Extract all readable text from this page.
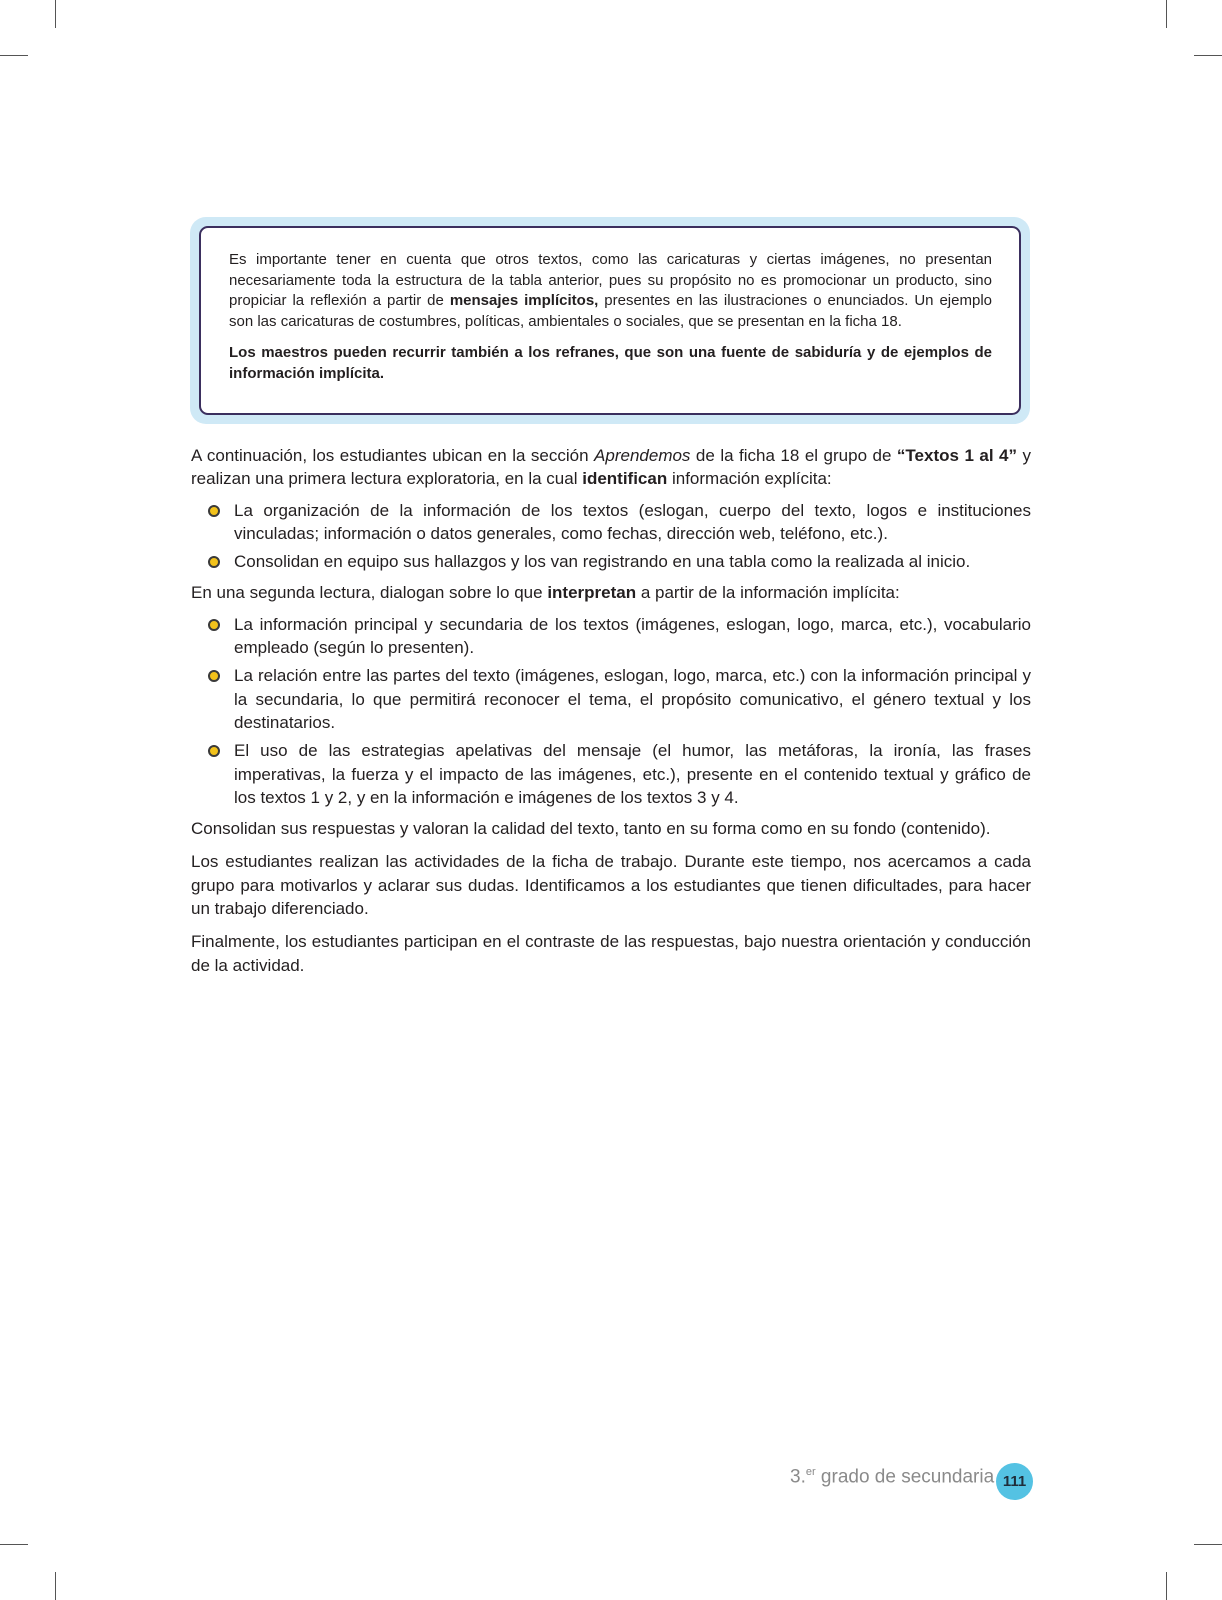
Es importante tener en cuenta que otros textos, como las caricaturas y ciertas imágenes, no presentan necesariamente toda la estructura de la tabla anterior, pues su propósito no es promocionar un producto, sino propiciar la reflexión a partir de mensajes implícitos, presentes en las ilustraciones o enunciados. Un ejemplo son las caricaturas de costumbres, políticas, ambientales o sociales, que se presentan en la ficha 18.

Los maestros pueden recurrir también a los refranes, que son una fuente de sabiduría y de ejemplos de información implícita.

A continuación, los estudiantes ubican en la sección Aprendemos de la ficha 18 el grupo de “Textos 1 al 4” y realizan una primera lectura exploratoria, en la cual identifican información explícita:

La organización de la información de los textos (eslogan, cuerpo del texto, logos e instituciones vinculadas; información o datos generales, como fechas, dirección web, teléfono, etc.).
Consolidan en equipo sus hallazgos y los van registrando en una tabla como la realizada al inicio.

En una segunda lectura, dialogan sobre lo que interpretan a partir de la información implícita:

La información principal y secundaria de los textos (imágenes, eslogan, logo, marca, etc.), vocabulario empleado (según lo presenten).
La relación entre las partes del texto (imágenes, eslogan, logo, marca, etc.) con la información principal y la secundaria, lo que permitirá reconocer el tema, el propósito comunicativo, el género textual y los destinatarios.
El uso de las estrategias apelativas del mensaje (el humor, las metáforas, la ironía, las frases imperativas, la fuerza y el impacto de las imágenes, etc.), presente en el contenido textual y gráfico de los textos 1 y 2, y en la información e imágenes de los textos 3 y 4.

Consolidan sus respuestas y valoran la calidad del texto, tanto en su forma como en su fondo (contenido).

Los estudiantes realizan las actividades de la ficha de trabajo. Durante este tiempo, nos acercamos a cada grupo para motivarlos y aclarar sus dudas. Identificamos a los estudiantes que tienen dificultades, para hacer un trabajo diferenciado.

Finalmente, los estudiantes participan en el contraste de las respuestas, bajo nuestra orientación y conducción de la actividad.

3.$^{er}$ grado de secundaria 111
